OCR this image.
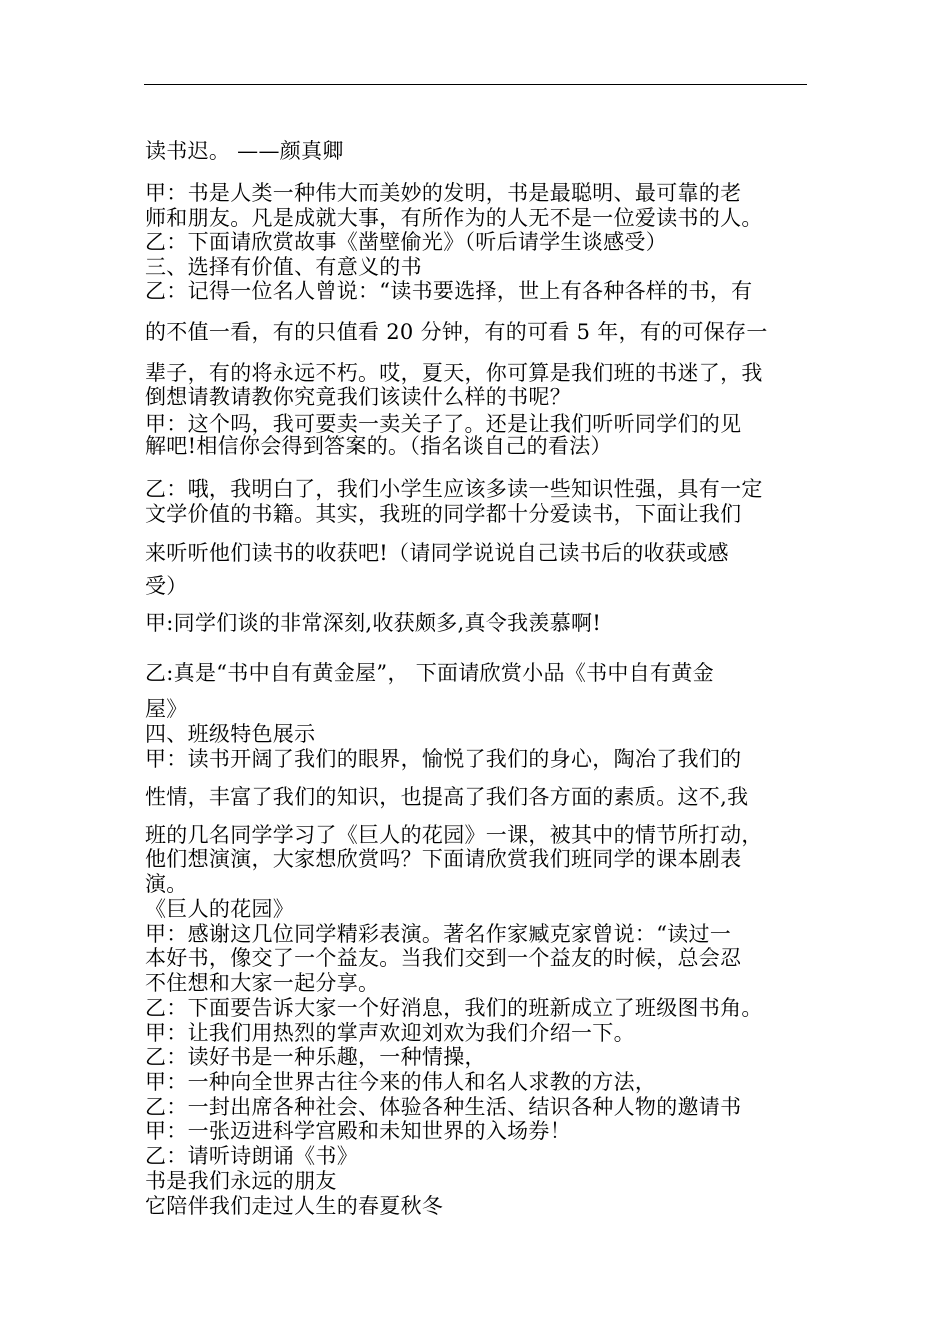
读书迟。 ——颜真卿
甲：书是人类一种伟大而美妙的发明，书是最聪明、最可靠的老
师和朋友。凡是成就大事，有所作为的人无不是一位爱读书的人。
乙：下面请欣赏故事《凿壁偷光》（听后请学生谈感受）
三、选择有价值、有意义的书
乙：记得一位名人曾说：“读书要选择，世上有各种各样的书，有
的不值一看，有的只值看 20 分钟，有的可看 5 年，有的可保存一
辈子，有的将永远不朽。哎，夏天，你可算是我们班的书迷了，我
倒想请教请教你究竟我们该读什么样的书呢？
甲：这个吗，我可要卖一卖关子了。还是让我们听听同学们的见
解吧!相信你会得到答案的。（指名谈自己的看法）
乙：哦，我明白了，我们小学生应该多读一些知识性强，具有一定
文学价值的书籍。其实，我班的同学都十分爱读书，下面让我们
来听听他们读书的收获吧!（请同学说说自己读书后的收获或感
受）
甲:同学们谈的非常深刻,收获颇多,真令我羡慕啊!
乙:真是“书中自有黄金屋”， 下面请欣赏小品《书中自有黄金
屋》
四、班级特色展示
甲：读书开阔了我们的眼界，愉悦了我们的身心，陶冶了我们的
性情，丰富了我们的知识，也提高了我们各方面的素质。这不,我
班的几名同学学习了《巨人的花园》一课，被其中的情节所打动，
他们想演演，大家想欣赏吗？下面请欣赏我们班同学的课本剧表
演。
《巨人的花园》
甲：感谢这几位同学精彩表演。著名作家臧克家曾说：“读过一
本好书，像交了一个益友。当我们交到一个益友的时候，总会忍
不住想和大家一起分享。
乙：下面要告诉大家一个好消息，我们的班新成立了班级图书角。
甲：让我们用热烈的掌声欢迎刘欢为我们介绍一下。
乙：读好书是一种乐趣，一种情操，
甲：一种向全世界古往今来的伟人和名人求教的方法，
乙：一封出席各种社会、体验各种生活、结识各种人物的邀请书
甲：一张迈进科学宫殿和未知世界的入场券！
乙：请听诗朗诵《书》
书是我们永远的朋友
它陪伴我们走过人生的春夏秋冬
